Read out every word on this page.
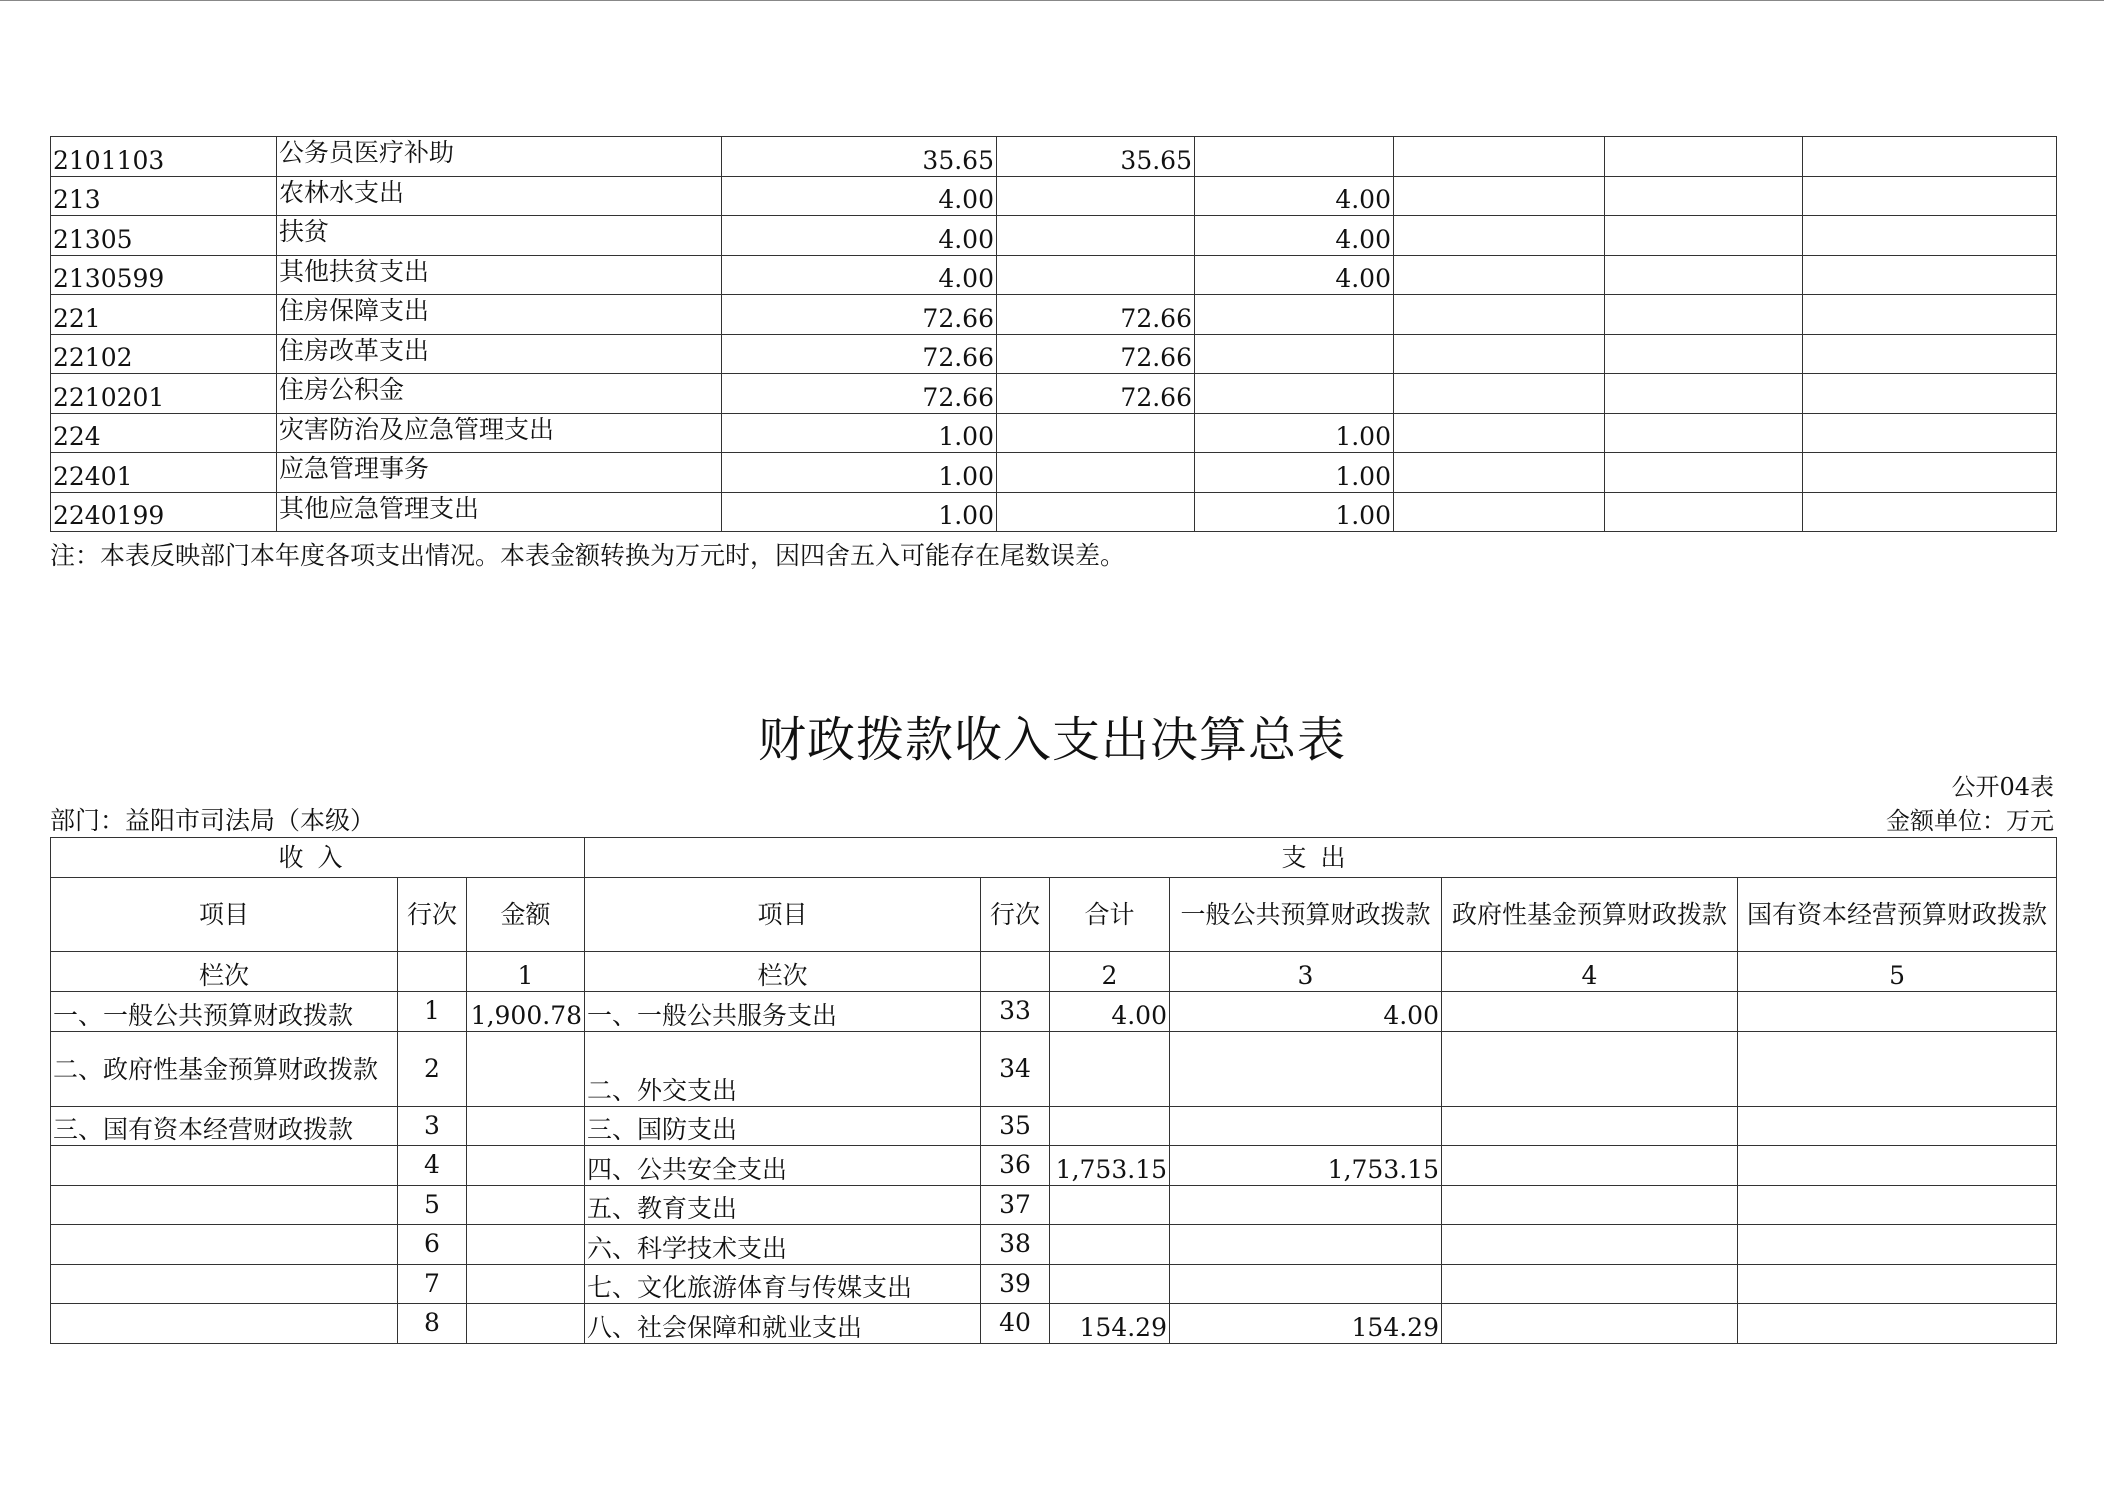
2101103	公务员医疗补助	35.65	35.65				
213	农林水支出	4.00		4.00			
21305	扶贫	4.00		4.00			
2130599	其他扶贫支出	4.00		4.00			
221	住房保障支出	72.66	72.66				
22102	住房改革支出	72.66	72.66				
2210201	住房公积金	72.66	72.66				
224	灾害防治及应急管理支出	1.00		1.00			
22401	应急管理事务	1.00		1.00			
2240199	其他应急管理支出	1.00		1.00			
注：本表反映部门本年度各项支出情况。本表金额转换为万元时，因四舍五入可能存在尾数误差。
财政拨款收入支出决算总表
公开04表
部门：益阳市司法局（本级）	金额单位：万元
收入			支出					
项目	行次	金额	项目	行次	合计	一般公共预算财政拨款	政府性基金预算财政拨款	国有资本经营预算财政拨款
栏次		1	栏次		2	3	4	5
一、一般公共预算财政拨款	1	1,900.78	一、一般公共服务支出	33	4.00	4.00		
二、政府性基金预算财政拨款	2		二、外交支出	34				
三、国有资本经营财政拨款	3		三、国防支出	35				
	4		四、公共安全支出	36	1,753.15	1,753.15		
	5		五、教育支出	37				
	6		六、科学技术支出	38				
	7		七、文化旅游体育与传媒支出	39				
	8		八、社会保障和就业支出	40	154.29	154.29		
